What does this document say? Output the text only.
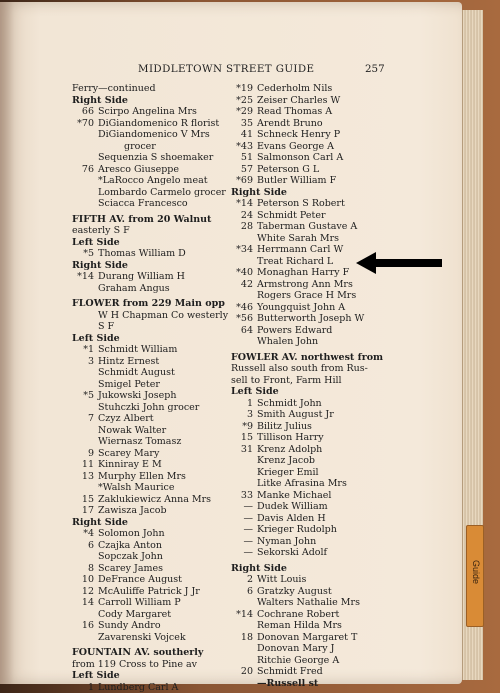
Guide
MIDDLETOWN STREET GUIDE	257
Ferry—continued
Right Side
66 Scirpo Angelina Mrs
*70 DiGiandomenico R florist
DiGiandomenico V Mrs
grocer
Sequenzia S shoemaker
76 Aresco Giuseppe
*LaRocco Angelo meat
Lombardo Carmelo grocer
Sciacca Francesco
FIFTH AV. from 20 Walnut
easterly S F
Left Side
*5 Thomas William D
Right Side
*14 Durang William H
Graham Angus
FLOWER from 229 Main opp
W H Chapman Co westerly
S F
Left Side
*1 Schmidt William
3 Hintz Ernest
Schmidt August
Smigel Peter
*5 Jukowski Joseph
Stuhczki John grocer
7 Czyz Albert
Nowak Walter
Wiernasz Tomasz
9 Scarey Mary
11 Kinniray E M
13 Murphy Ellen Mrs
*Walsh Maurice
15 Zaklukiewicz Anna Mrs
17 Zawisza Jacob
Right Side
*4 Solomon John
6 Czajka Anton
Sopczak John
8 Scarey James
10 DeFrance August
12 McAuliffe Patrick J Jr
14 Carroll William P
Cody Margaret
16 Sundy Andro
Zavarenski Vojcek
FOUNTAIN AV. southerly
from 119 Cross to Pine av
Left Side
1 Lundberg Carl A
*19 Cederholm Nils
*25 Zeiser Charles W
*29 Read Thomas A
35 Arendt Bruno
41 Schneck Henry P
*43 Evans George A
51 Salmonson Carl A
57 Peterson G L
*69 Butler William F
Right Side
*14 Peterson S Robert
24 Schmidt Peter
28 Taberman Gustave A
White Sarah Mrs
*34 Herrmann Carl W
Treat Richard L
*40 Monaghan Harry F
42 Armstrong Ann Mrs
Rogers Grace H Mrs
*46 Youngquist John A
*56 Butterworth Joseph W
64 Powers Edward
Whalen John
FOWLER AV. northwest from
Russell also south from Rus-
sell to Front, Farm Hill
Left Side
1 Schmidt John
3 Smith August Jr
*9 Bilitz Julius
15 Tillison Harry
31 Krenz Adolph
Krenz Jacob
Krieger Emil
Litke Afrasina Mrs
33 Manke Michael
— Dudek William
— Davis Alden H
— Krieger Rudolph
— Nyman John
— Sekorski Adolf
Right Side
2 Witt Louis
6 Gratzky August
Walters Nathalie Mrs
*14 Cochrane Robert
Reman Hilda Mrs
18 Donovan Margaret T
Donovan Mary J
Ritchie George A
20 Schmidt Fred
—Russell st
